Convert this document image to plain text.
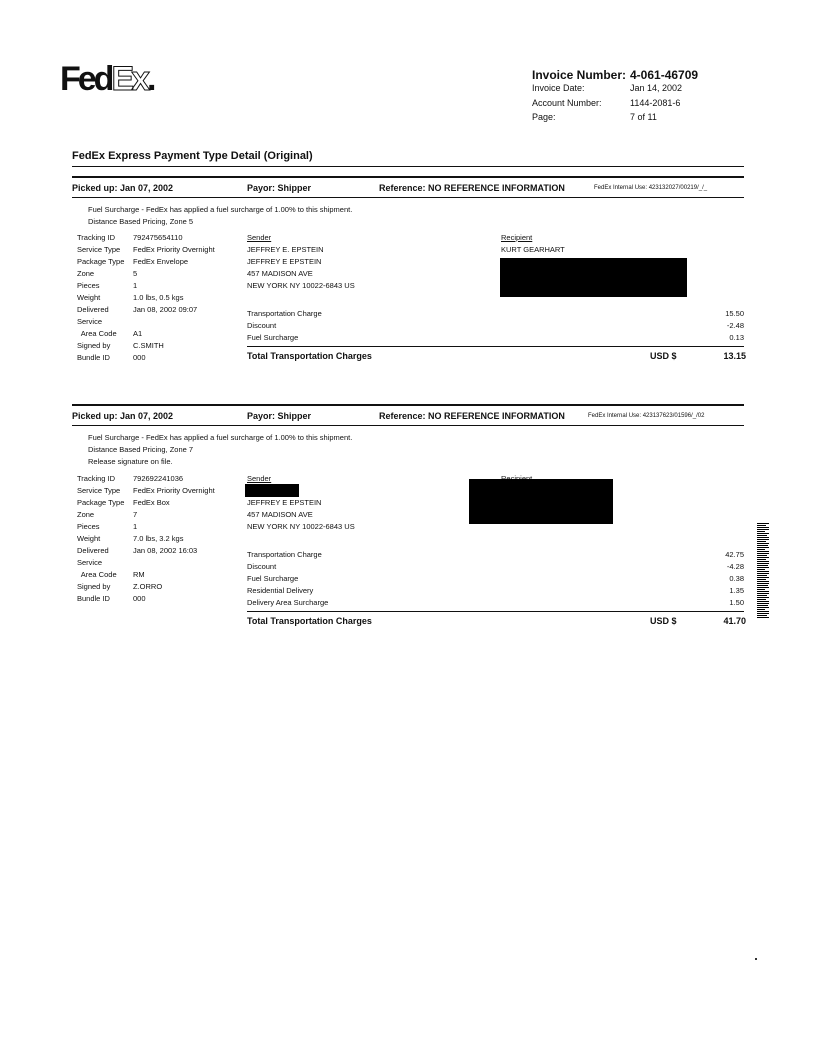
FedEx.	Invoice Number: 4-061-46709
Invoice Date:	Jan 14, 2002
Account Number:	1144-2081-6
Page:	7 of 11
FedEx Express Payment Type Detail (Original)
Picked up: Jan 07, 2002	Payor: Shipper	Reference: NO REFERENCE INFORMATION	FedEx Internal Use: 423132027/00219/_/_
Fuel Surcharge - FedEx has applied a fuel surcharge of 1.00% to this shipment.
Distance Based Pricing, Zone 5
Tracking ID 792475654110
Service Type FedEx Priority Overnight
Package Type FedEx Envelope
Zone	5
Pieces	1
Weight	1.0 lbs, 0.5 kgs
Delivered	Jan 08, 2002 09:07
Service
Area Code A1
Signed by	C.SMITH
Bundle ID	000
Sender
JEFFREY E. EPSTEIN
JEFFREY E EPSTEIN
457 MADISON AVE
NEW YORK NY 10022-6843 US
Recipient
KURT GEARHART
Transportation Charge	15.50
Discount	-2.48
Fuel Surcharge	0.13
Total Transportation Charges	USD $	13.15
Picked up: Jan 07, 2002	Payor: Shipper	Reference: NO REFERENCE INFORMATION	FedEx Internal Use: 423137623/01596/_/02
Fuel Surcharge - FedEx has applied a fuel surcharge of 1.00% to this shipment.
Distance Based Pricing, Zone 7
Release signature on file.
Tracking ID 792692241036
Service Type FedEx Priority Overnight
Package Type FedEx Box
Zone	7
Pieces	1
Weight	7.0 lbs, 3.2 kgs
Delivered	Jan 08, 2002 16:03
Service
Area Code RM
Signed by	Z.ORRO
Bundle ID	000
Sender
JEFFREY E EPSTEIN
457 MADISON AVE
NEW YORK NY 10022-6843 US
Transportation Charge	42.75
Discount	-4.28
Fuel Surcharge	0.38
Residential Delivery	1.35
Delivery Area Surcharge	1.50
Total Transportation Charges	USD $	41.70
